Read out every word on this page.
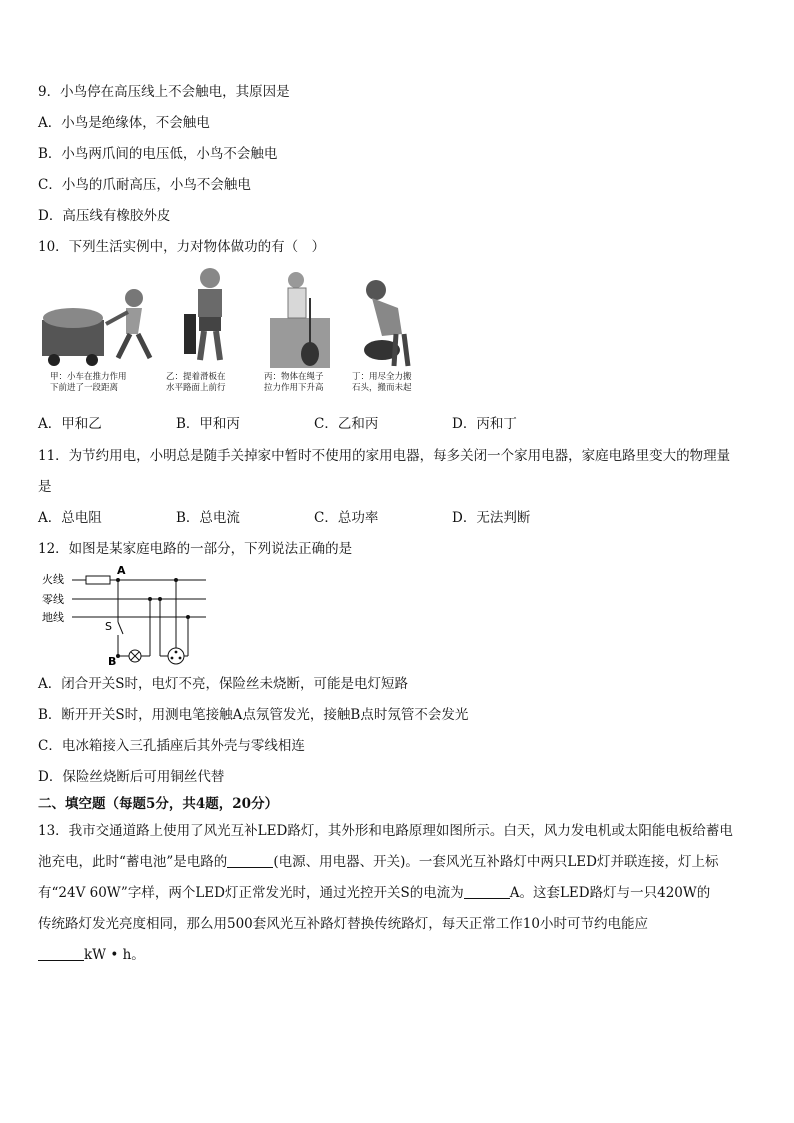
9．小鸟停在高压线上不会触电，其原因是
A．小鸟是绝缘体，不会触电
B．小鸟两爪间的电压低，小鸟不会触电
C．小鸟的爪耐高压，小鸟不会触电
D．高压线有橡胶外皮
10．下列生活实例中，力对物体做功的有（　）
甲：小车在推力作用
下前进了一段距离
乙：提着滑板在
水平路面上前行
丙：物体在绳子
拉力作用下升高
丁：用尽全力搬
石头，搬而未起
A．甲和乙	B．甲和丙	C．乙和丙	D．丙和丁
11．为节约用电，小明总是随手关掉家中暂时不使用的家用电器，每多关闭一个家用电器，家庭电路里变大的物理量
是
A．总电阻	B．总电流	C．总功率	D．无法判断
12．如图是某家庭电路的一部分，下列说法正确的是
火线
零线
地线
A
S
B
A．闭合开关S时，电灯不亮，保险丝未烧断，可能是电灯短路
B．断开开关S时，用测电笔接触A点氖管发光，接触B点时氖管不会发光
C．电冰箱接入三孔插座后其外壳与零线相连
D．保险丝烧断后可用铜丝代替
二、填空题（每题5分，共4题，20分）
13．我市交通道路上使用了风光互补LED路灯，其外形和电路原理如图所示。白天，风力发电机或太阳能电板给蓄电
池充电，此时“蓄电池”是电路的	(电源、用电器、开关)。一套风光互补路灯中两只LED灯并联连接，灯上标
有“24V 60W”字样，两个LED灯正常发光时，通过光控开关S的电流为	A。这套LED路灯与一只420W的
传统路灯发光亮度相同，那么用500套风光互补路灯替换传统路灯，每天正常工作10小时可节约电能应
kW • h。
